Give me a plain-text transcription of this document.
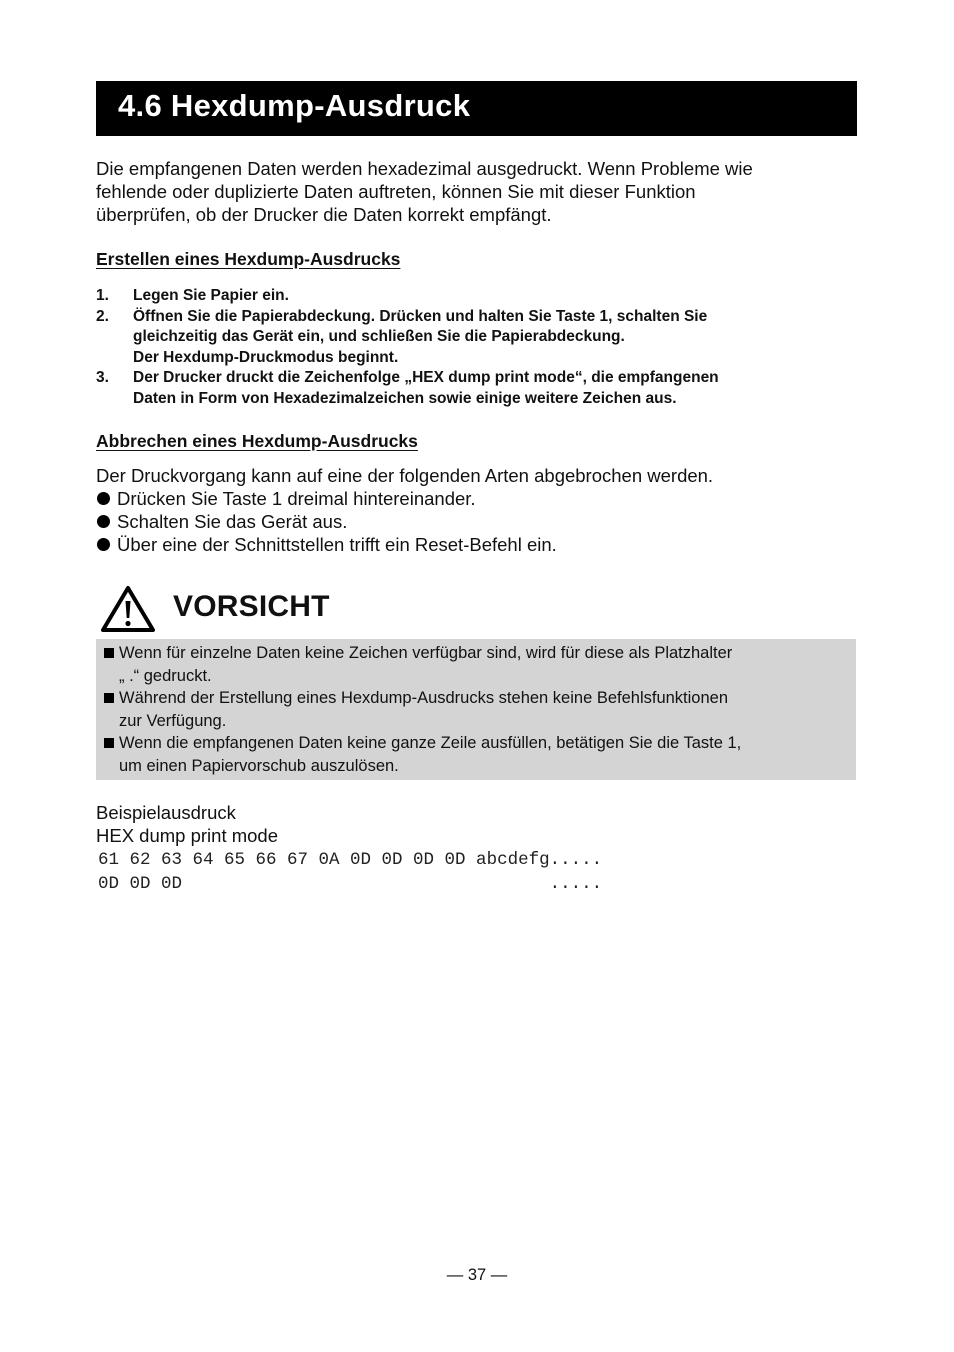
4.6 Hexdump-Ausdruck

Die empfangenen Daten werden hexadezimal ausgedruckt. Wenn Probleme wie
fehlende oder duplizierte Daten auftreten, können Sie mit dieser Funktion
überprüfen, ob der Drucker die Daten korrekt empfängt.

Erstellen eines Hexdump-Ausdrucks
1. Legen Sie Papier ein.
2. Öffnen Sie die Papierabdeckung. Drücken und halten Sie Taste 1, schalten Sie
gleichzeitig das Gerät ein, und schließen Sie die Papierabdeckung.
Der Hexdump-Druckmodus beginnt.
3. Der Drucker druckt die Zeichenfolge „HEX dump print mode“, die empfangenen
Daten in Form von Hexadezimalzeichen sowie einige weitere Zeichen aus.
Abbrechen eines Hexdump-Ausdrucks
Der Druckvorgang kann auf eine der folgenden Arten abgebrochen werden.
Drücken Sie Taste 1 dreimal hintereinander.
Schalten Sie das Gerät aus.
Über eine der Schnittstellen trifft ein Reset-Befehl ein.
VORSICHT
Wenn für einzelne Daten keine Zeichen verfügbar sind, wird für diese als Platzhalter
„ .“ gedruckt.
Während der Erstellung eines Hexdump-Ausdrucks stehen keine Befehlsfunktionen
zur Verfügung.
Wenn die empfangenen Daten keine ganze Zeile ausfüllen, betätigen Sie die Taste 1,
um einen Papiervorschub auszulösen.
Beispielausdruck
HEX dump print mode
61 62 63 64 65 66 67 0A 0D 0D 0D 0D abcdefg.....
0D 0D 0D                                   .....
— 37 —
